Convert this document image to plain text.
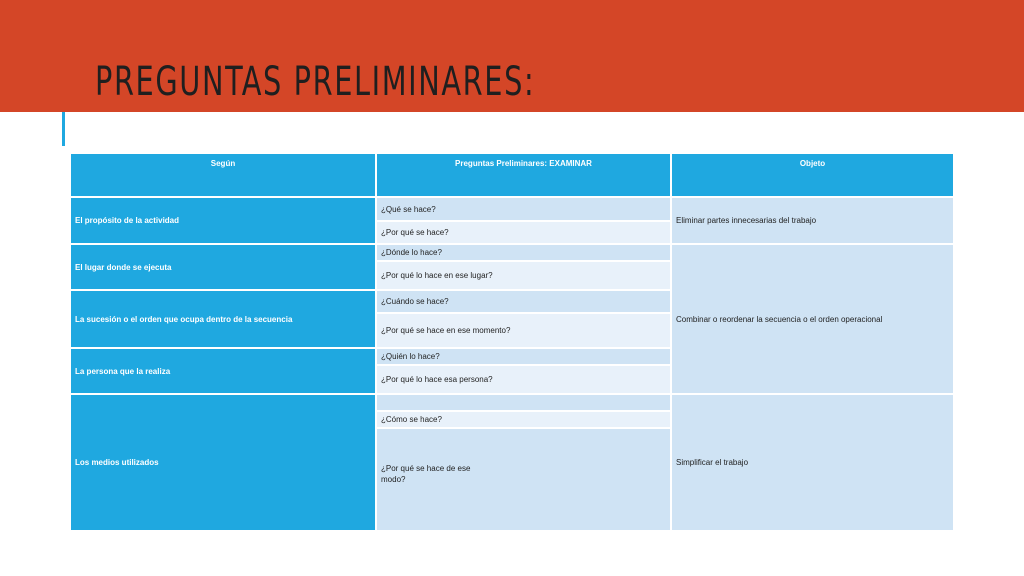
PREGUNTAS PRELIMINARES:
Según	Preguntas Preliminares: EXAMINAR	Objeto
El propósito de la actividad	¿Qué se hace?	Eliminar partes innecesarias del trabajo
	¿Por qué se hace?	
El lugar donde se ejecuta	¿Dónde lo hace?	Combinar o reordenar la secuencia o el orden operacional
	¿Por qué lo hace en ese lugar?	
La sucesión o el orden que ocupa dentro de la secuencia	¿Cuándo se hace?	
	¿Por qué se hace en ese momento?	
La persona que la realiza	¿Quién lo hace?	
	¿Por qué lo hace esa persona?	
Los medios utilizados		Simplificar el trabajo
	¿Cómo se hace?	
	¿Por qué se hace de ese
modo?	
